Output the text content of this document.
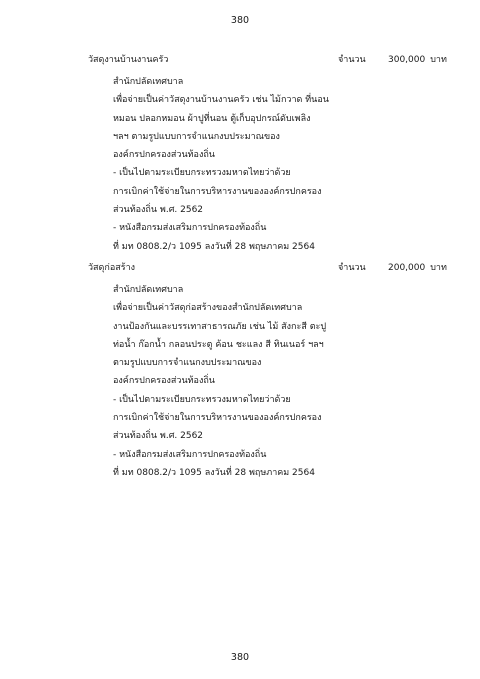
380
วัสดุงานบ้านงานครัว	จำนวน 300,000 บาท
สำนักปลัดเทศบาล
เพื่อจ่ายเป็นค่าวัสดุงานบ้านงานครัว เช่น ไม้กวาด ที่นอน
หมอน ปลอกหมอน ผ้าปูที่นอน ตู้เก็บอุปกรณ์ดับเพลิง
ฯลฯ ตามรูปแบบการจำแนกงบประมาณของ
องค์กรปกครองส่วนท้องถิ่น
- เป็นไปตามระเบียบกระทรวงมหาดไทยว่าด้วย
การเบิกค่าใช้จ่ายในการบริหารงานขององค์กรปกครอง
ส่วนท้องถิ่น พ.ศ. 2562
- หนังสือกรมส่งเสริมการปกครองท้องถิ่น
ที่ มท 0808.2/ว 1095 ลงวันที่ 28 พฤษภาคม 2564
วัสดุก่อสร้าง	จำนวน 200,000 บาท
สำนักปลัดเทศบาล
เพื่อจ่ายเป็นค่าวัสดุก่อสร้างของสำนักปลัดเทศบาล
งานป้องกันและบรรเทาสาธารณภัย เช่น ไม้ สังกะสี ตะปู
ท่อน้ำ ก๊อกน้ำ กลอนประตู ค้อน ชะแลง สี ทินเนอร์ ฯลฯ
ตามรูปแบบการจำแนกงบประมาณของ
องค์กรปกครองส่วนท้องถิ่น
- เป็นไปตามระเบียบกระทรวงมหาดไทยว่าด้วย
การเบิกค่าใช้จ่ายในการบริหารงานขององค์กรปกครอง
ส่วนท้องถิ่น พ.ศ. 2562
- หนังสือกรมส่งเสริมการปกครองท้องถิ่น
ที่ มท 0808.2/ว 1095 ลงวันที่ 28 พฤษภาคม 2564
380
